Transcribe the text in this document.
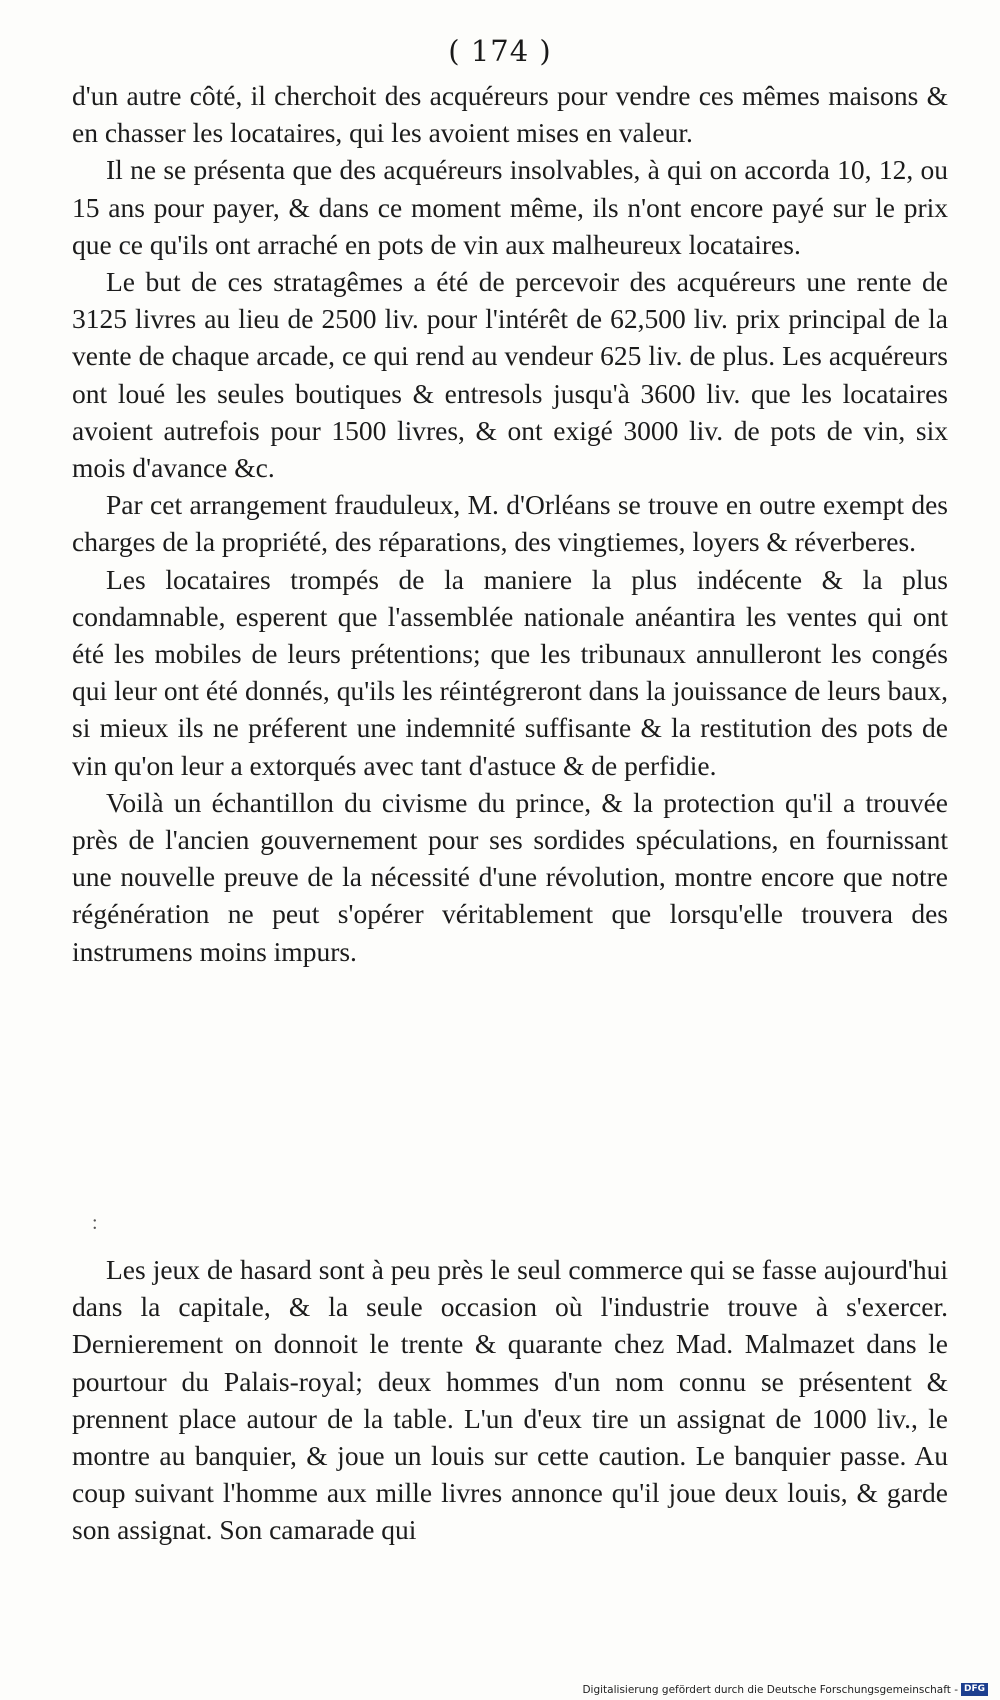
( 174 )

d'un autre côté, il cherchoit des acquéreurs pour vendre ces mêmes maisons & en chasser les locataires, qui les avoient mises en valeur.

Il ne se présenta que des acquéreurs insolvables, à qui on accorda 10, 12, ou 15 ans pour payer, & dans ce moment même, ils n'ont encore payé sur le prix que ce qu'ils ont arraché en pots de vin aux malheureux locataires.

Le but de ces stratagêmes a été de percevoir des acquéreurs une rente de 3125 livres au lieu de 2500 liv. pour l'intérêt de 62,500 liv. prix principal de la vente de chaque arcade, ce qui rend au vendeur 625 liv. de plus. Les acquéreurs ont loué les seules boutiques & entresols jusqu'à 3600 liv. que les locataires avoient autrefois pour 1500 livres, & ont exigé 3000 liv. de pots de vin, six mois d'avance &c.

Par cet arrangement frauduleux, M. d'Orléans se trouve en outre exempt des charges de la propriété, des réparations, des vingtiemes, loyers & réverberes.

Les locataires trompés de la maniere la plus indécente & la plus condamnable, esperent que l'assemblée nationale anéantira les ventes qui ont été les mobiles de leurs prétentions; que les tribunaux annulleront les congés qui leur ont été donnés, qu'ils les réintégreront dans la jouissance de leurs baux, si mieux ils ne préferent une indemnité suffisante & la restitution des pots de vin qu'on leur a extorqués avec tant d'astuce & de perfidie.

Voilà un échantillon du civisme du prince, & la protection qu'il a trouvée près de l'ancien gouvernement pour ses sordides spéculations, en fournissant une nouvelle preuve de la nécessité d'une révolution, montre encore que notre régénération ne peut s'opérer véritablement que lorsqu'elle trouvera des instrumens moins impurs.

:

Les jeux de hasard sont à peu près le seul commerce qui se fasse aujourd'hui dans la capitale, & la seule occasion où l'industrie trouve à s'exercer. Dernierement on donnoit le trente & quarante chez Mad. Malmazet dans le pourtour du Palais-royal; deux hommes d'un nom connu se présentent & prennent place autour de la table. L'un d'eux tire un assignat de 1000 liv., le montre au banquier, & joue un louis sur cette caution. Le banquier passe. Au coup suivant l'homme aux mille livres annonce qu'il joue deux louis, & garde son assignat. Son camarade qui

Digitalisierung gefördert durch die Deutsche Forschungsgemeinschaft - DFG
